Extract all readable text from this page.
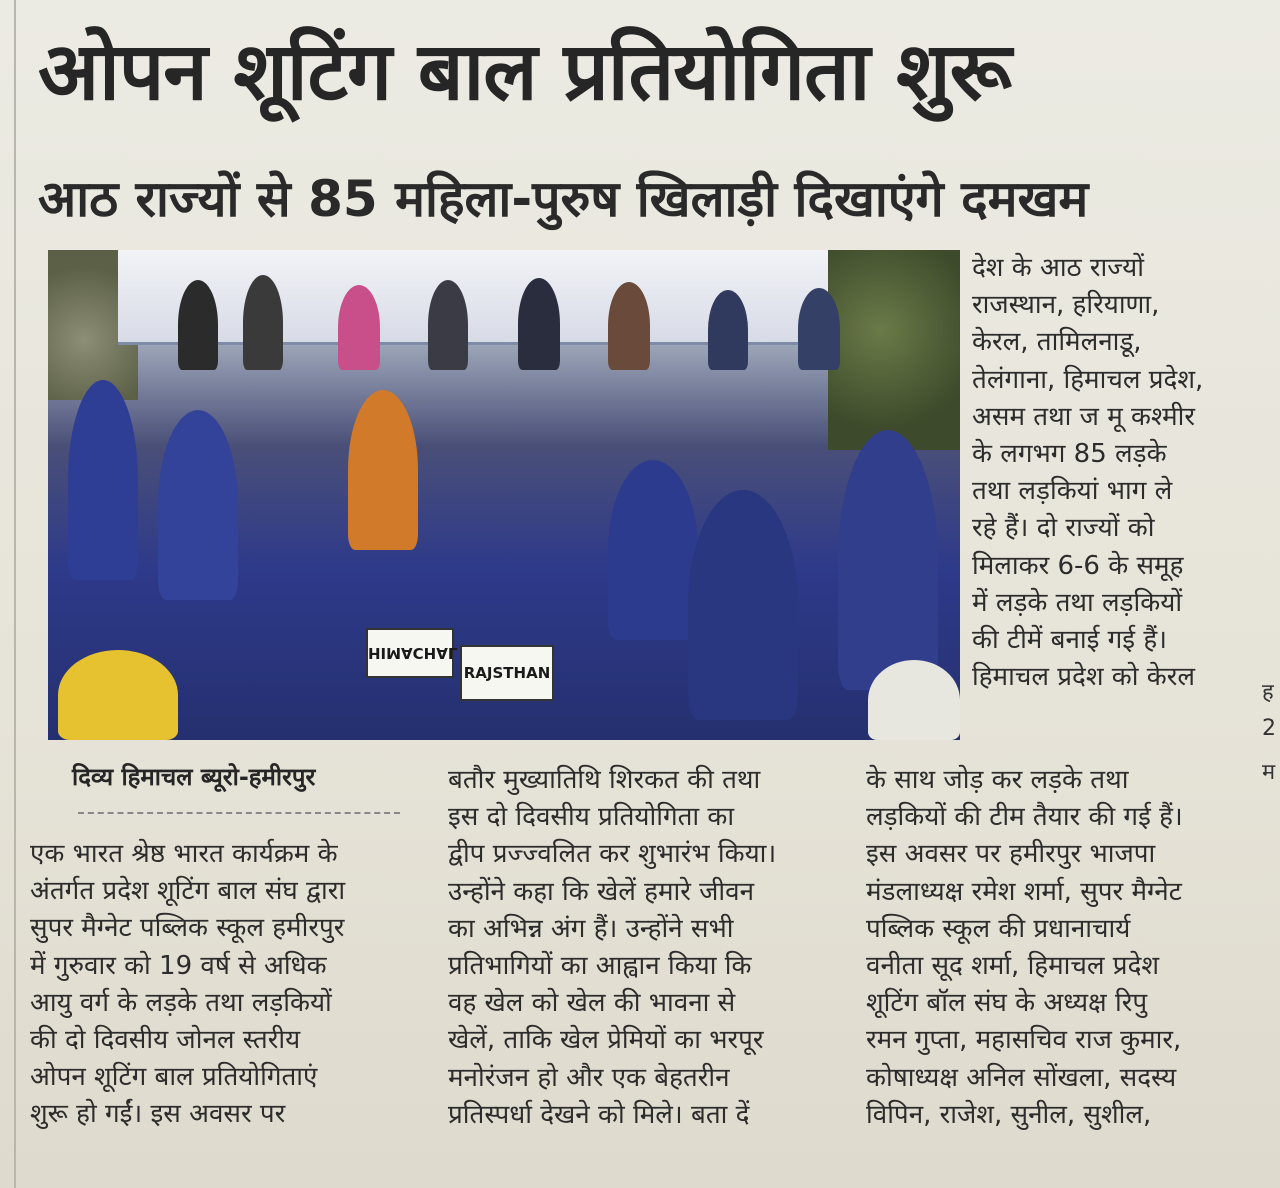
ओपन शूटिंग बाल प्रतियोगिता शुरू
आठ राज्यों से 85 महिला-पुरुष खिलाड़ी दिखाएंगे दमखम
HIMACHAL
RAJSTHAN

देश के आठ राज्यों

राजस्थान, हरियाणा,

केरल, तामिलनाडू,

तेलंगाना, हिमाचल प्रदेश,

असम तथा ज मू कश्मीर

के लगभग 85 लड़के

तथा लड़कियां भाग ले

रहे हैं। दो राज्यों को

मिलाकर 6-6 के समूह

में लड़के तथा लड़कियों

की टीमें बनाई गई हैं।

हिमाचल प्रदेश को केरल

दिव्य हिमाचल ब्यूरो-हमीरपुर

एक भारत श्रेष्ठ भारत कार्यक्रम के

अंतर्गत प्रदेश शूटिंग बाल संघ द्वारा

सुपर मैग्नेट पब्लिक स्कूल हमीरपुर

में गुरुवार को 19 वर्ष से अधिक

आयु वर्ग के लड़के तथा लड़कियों

की दो दिवसीय जोनल स्तरीय

ओपन शूटिंग बाल प्रतियोगिताएं

शुरू हो गईं। इस अवसर पर

बतौर मुख्यातिथि शिरकत की तथा

इस दो दिवसीय प्रतियोगिता का

द्वीप प्रज्ज्वलित कर शुभारंभ किया।

उन्होंने कहा कि खेलें हमारे जीवन

का अभिन्न अंग हैं। उन्होंने सभी

प्रतिभागियों का आह्वान किया कि

वह खेल को खेल की भावना से

खेलें, ताकि खेल प्रेमियों का भरपूर

मनोरंजन हो और एक बेहतरीन

प्रतिस्पर्धा देखने को मिले। बता दें

के साथ जोड़ कर लड़के तथा

लड़कियों की टीम तैयार की गई हैं।

इस अवसर पर हमीरपुर भाजपा

मंडलाध्यक्ष रमेश शर्मा, सुपर मैग्नेट

पब्लिक स्कूल की प्रधानाचार्य

वनीता सूद शर्मा, हिमाचल प्रदेश

शूटिंग बॉल संघ के अध्यक्ष रिपु

रमन गुप्ता, महासचिव राज कुमार,

कोषाध्यक्ष अनिल सोंखला, सदस्य

विपिन, राजेश, सुनील, सुशील,

ह
2
म
